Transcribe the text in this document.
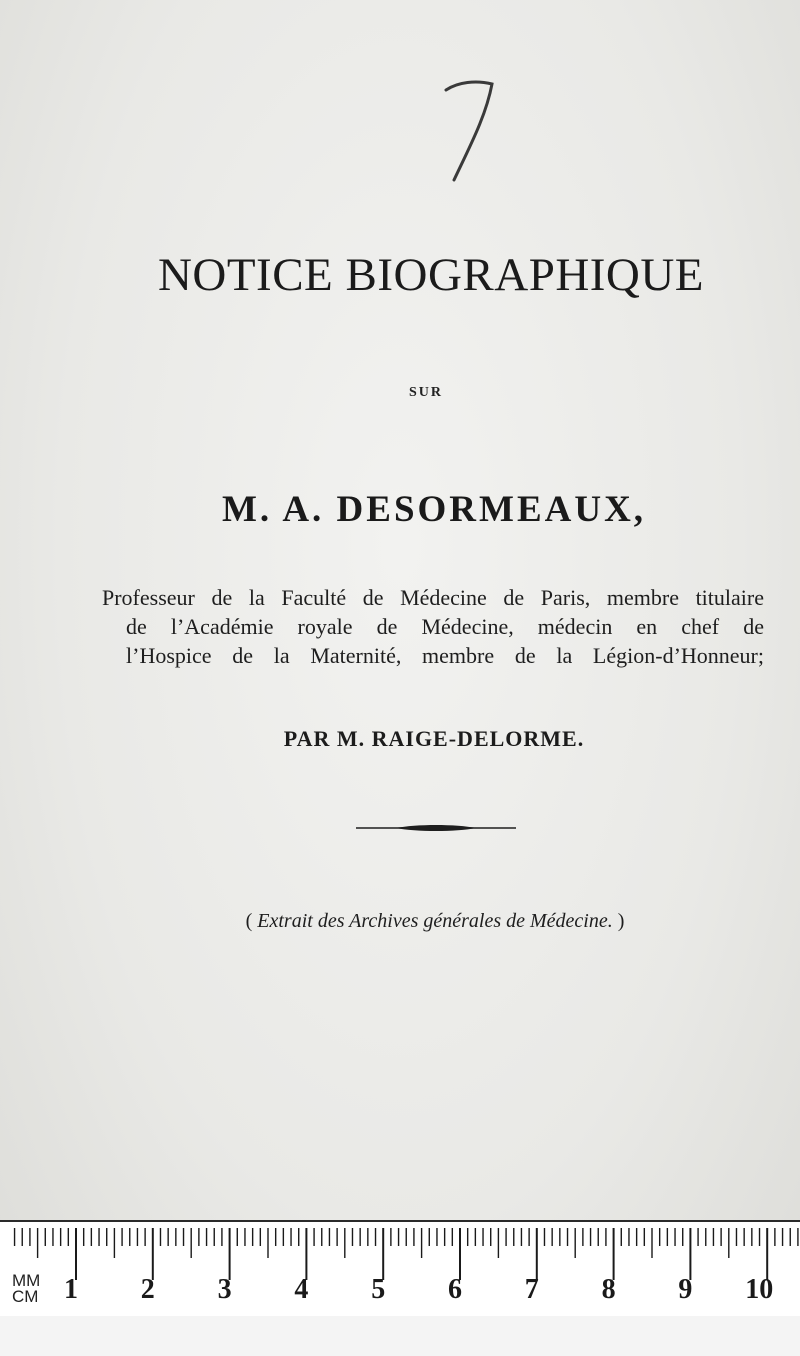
NOTICE BIOGRAPHIQUE
SUR
M. A. DESORMEAUX,
Professeur de la Faculté de Médecine de Paris, membre titulaire
de l’Académie royale de Médecine, médecin en chef de
l’Hospice de la Maternité, membre de la Légion-d’Honneur;
PAR M. RAIGE-DELORME.
( Extrait des Archives générales de Médecine. )
MM
CM 1 2 3 4 5 6 7 8 9 10
